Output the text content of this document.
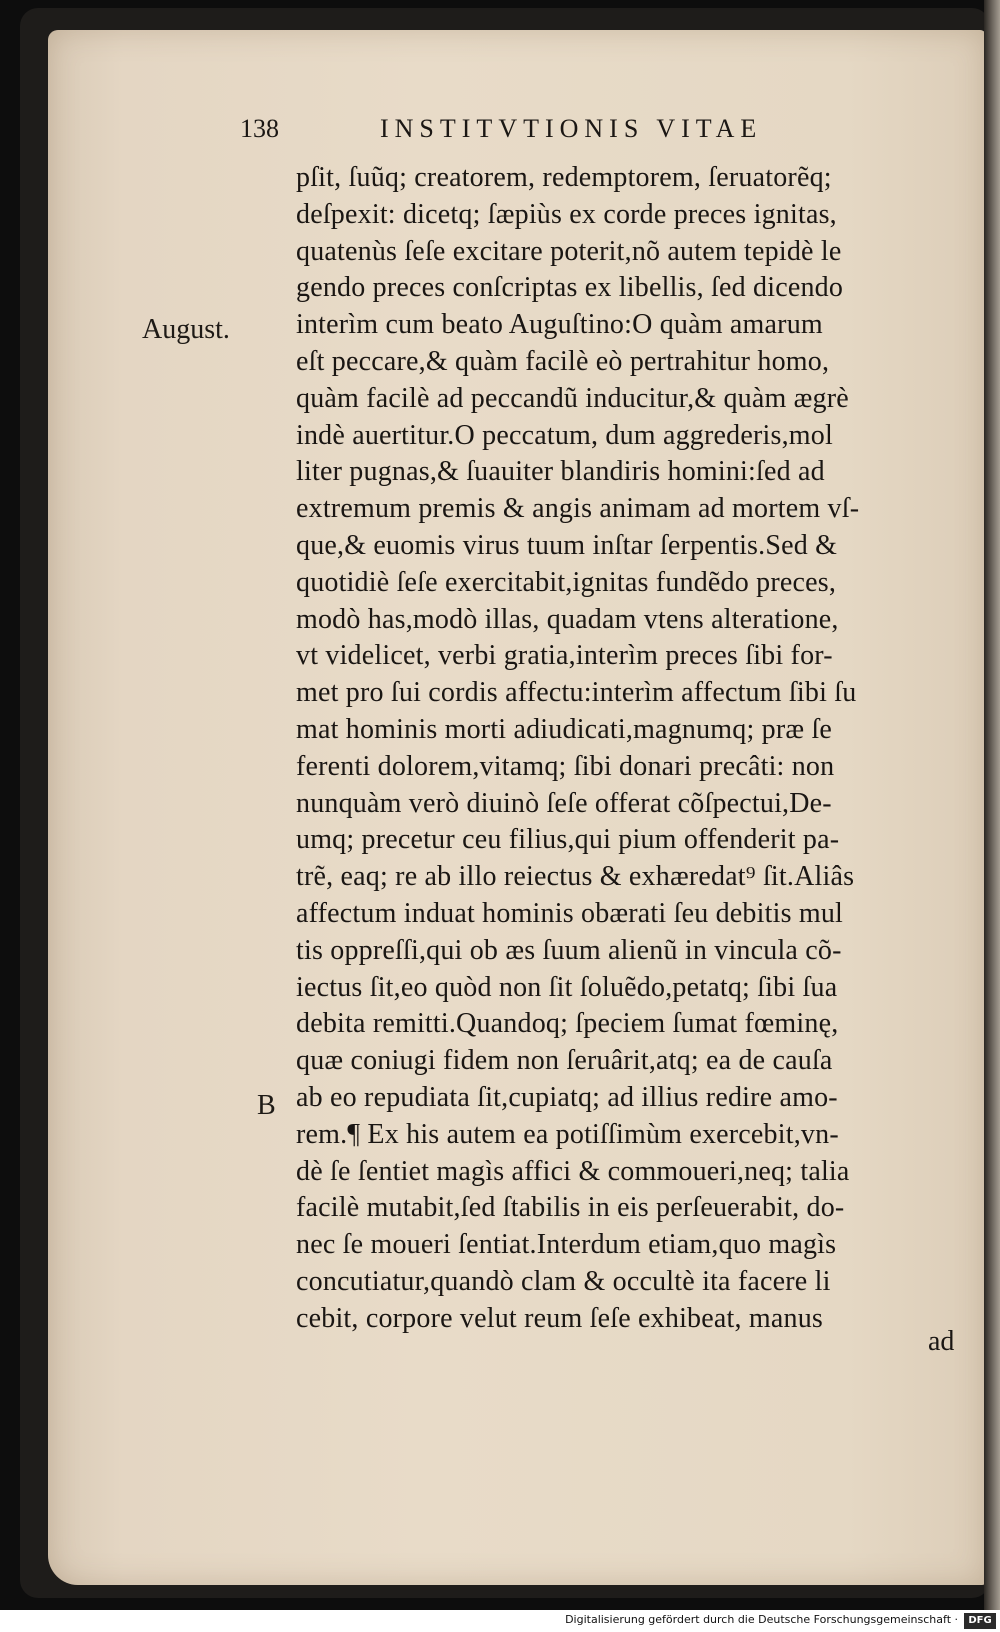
138	INSTITVTIONIS VITAE
August.
B
pſit, ſuũq; creatorem, redemptorem, ſeruatorẽq;
deſpexit: dicetq; ſæpiùs ex corde preces ignitas,
quatenùs ſeſe excitare poterit,nõ autem tepidè le
gendo preces conſcriptas ex libellis, ſed dicendo
interìm cum beato Auguſtino:O quàm amarum
eſt peccare,& quàm facilè eò pertrahitur homo,
quàm facilè ad peccandũ inducitur,& quàm ægrè
indè auertitur.O peccatum, dum aggrederis,mol
liter pugnas,& ſuauiter blandiris homini:ſed ad
extremum premis & angis animam ad mortem vſ-
que,& euomis virus tuum inſtar ſerpentis.Sed &
quotidiè ſeſe exercitabit,ignitas fundẽdo preces,
modò has,modò illas, quadam vtens alteratione,
vt videlicet, verbi gratia,interìm preces ſibi for-
met pro ſui cordis affectu:interìm affectum ſibi ſu
mat hominis morti adiudicati,magnumq; præ ſe
ferenti dolorem,vitamq; ſibi donari precâti: non
nunquàm verò diuinò ſeſe offerat cõſpectui,De-
umq; precetur ceu filius,qui pium offenderit pa-
trẽ, eaq; re ab illo reiectus & exhæredat⁹ ſit.Aliâs
affectum induat hominis obærati ſeu debitis mul
tis oppreſſi,qui ob æs ſuum alienũ in vincula cõ-
iectus ſit,eo quòd non ſit ſoluẽdo,petatq; ſibi ſua
debita remitti.Quandoq; ſpeciem ſumat fœminę,
quæ coniugi fidem non ſeruârit,atq; ea de cauſa
ab eo repudiata ſit,cupiatq; ad illius redire amo-
rem.¶ Ex his autem ea potiſſimùm exercebit,vn-
dè ſe ſentiet magìs affici & commoueri,neq; talia
facilè mutabit,ſed ſtabilis in eis perſeuerabit, do-
nec ſe moueri ſentiat.Interdum etiam,quo magìs
concutiatur,quandò clam & occultè ita facere li
cebit, corpore velut reum ſeſe exhibeat, manus
ad
Digitalisierung gefördert durch die Deutsche Forschungsgemeinschaft ·	DFG
